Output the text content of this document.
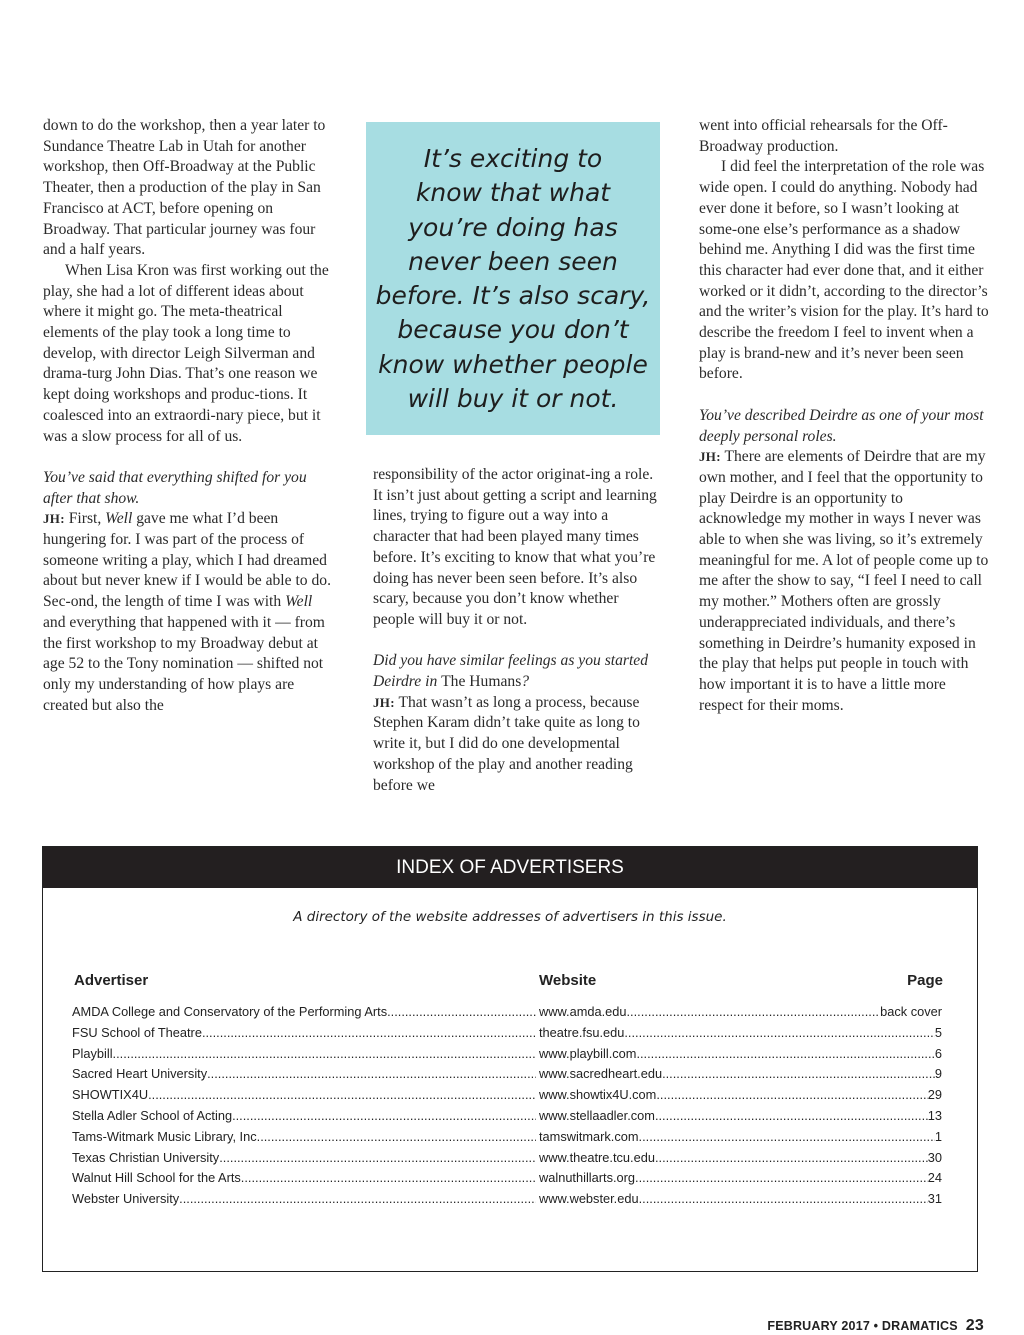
down to do the workshop, then a year later to Sundance Theatre Lab in Utah for another workshop, then Off-Broadway at the Public Theater, then a production of the play in San Francisco at ACT, before opening on Broadway. That particular journey was four and a half years.

When Lisa Kron was first working out the play, she had a lot of different ideas about where it might go. The meta-theatrical elements of the play took a long time to develop, with director Leigh Silverman and drama-turg John Dias. That’s one reason we kept doing workshops and produc-tions. It coalesced into an extraordi-nary piece, but it was a slow process for all of us.

You’ve said that everything shifted for you after that show.

JH: First, Well gave me what I’d been hungering for. I was part of the process of someone writing a play, which I had dreamed about but never knew if I would be able to do. Sec-ond, the length of time I was with Well and everything that happened with it — from the first workshop to my Broadway debut at age 52 to the Tony nomination — shifted not only my understanding of how plays are created but also the

It’s exciting to
know that what
you’re doing has
never been seen
before. It’s also scary,
because you don’t
know whether people
will buy it or not.

responsibility of the actor originat-ing a role. It isn’t just about getting a script and learning lines, trying to figure out a way into a character that had been played many times before. It’s exciting to know that what you’re doing has never been seen before. It’s also scary, because you don’t know whether people will buy it or not.

Did you have similar feelings as you started Deirdre in The Humans?

JH: That wasn’t as long a process, because Stephen Karam didn’t take quite as long to write it, but I did do one developmental workshop of the play and another reading before we

went into official rehearsals for the Off-Broadway production.

I did feel the interpretation of the role was wide open. I could do anything. Nobody had ever done it before, so I wasn’t looking at some-one else’s performance as a shadow behind me. Anything I did was the first time this character had ever done that, and it either worked or it didn’t, according to the director’s and the writer’s vision for the play. It’s hard to describe the freedom I feel to invent when a play is brand-new and it’s never been seen before.

You’ve described Deirdre as one of your most deeply personal roles.

JH: There are elements of Deirdre that are my own mother, and I feel that the opportunity to play Deirdre is an opportunity to acknowledge my mother in ways I never was able to when she was living, so it’s extremely meaningful for me. A lot of people come up to me after the show to say, “I feel I need to call my mother.” Mothers often are grossly underappreciated individuals, and there’s something in Deirdre’s humanity exposed in the play that helps put people in touch with how important it is to have a little more respect for their moms.

INDEX OF ADVERTISERS
A directory of the website addresses of advertisers in this issue.
Advertiser	Website	Page
AMDA College and Conservatory of the Performing Arts .....	www.amda.edu .....	back cover
FSU School of Theatre .....	theatre.fsu.edu .....	5
Playbill .....	www.playbill.com .....	6
Sacred Heart University .....	www.sacredheart.edu .....	9
SHOWTIX4U .....	www.showtix4U.com .....	29
Stella Adler School of Acting .....	www.stellaadler.com .....	13
Tams-Witmark Music Library, Inc. .....	tamswitmark.com .....	1
Texas Christian University .....	www.theatre.tcu.edu .....	30
Walnut Hill School for the Arts .....	walnuthillarts.org .....	24
Webster University .....	www.webster.edu .....	31
FEBRUARY 2017 • DRAMATICS 23
